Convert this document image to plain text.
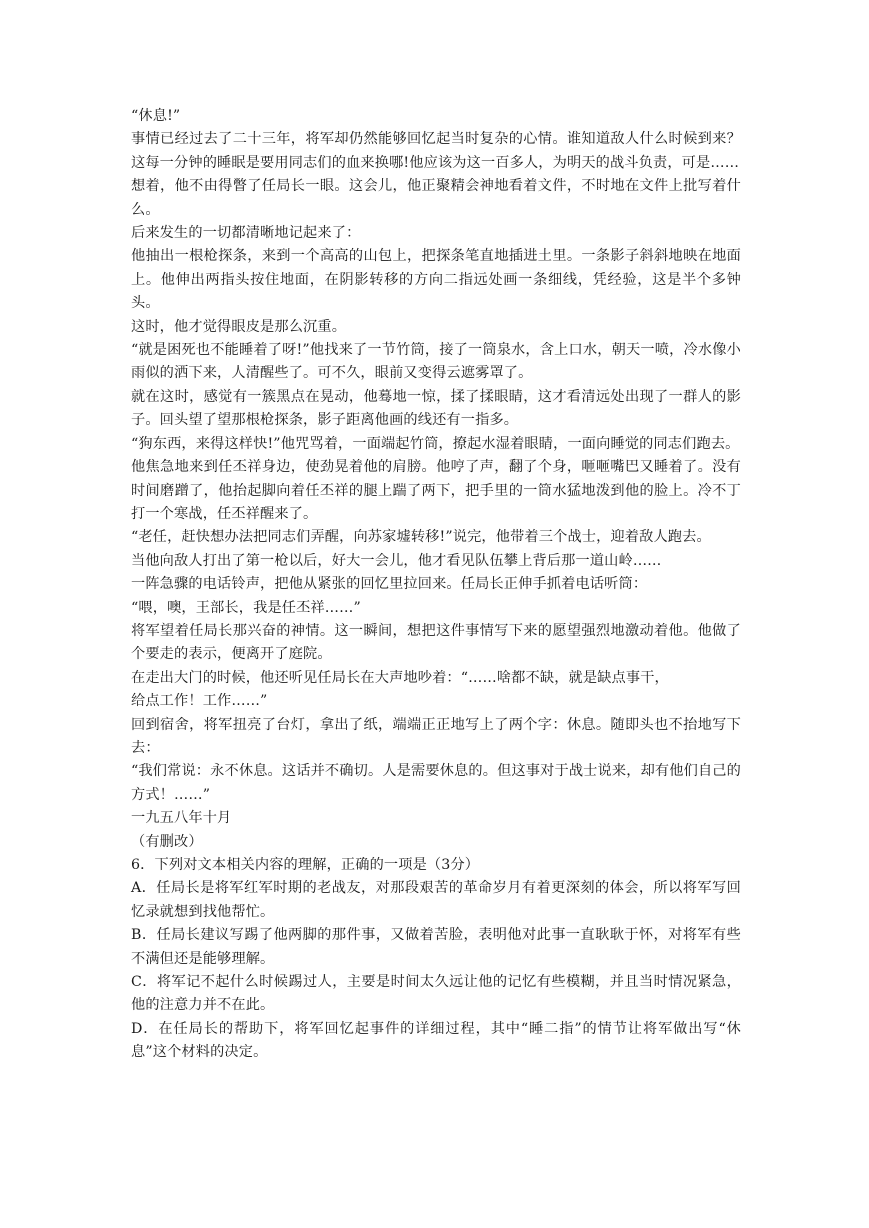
“休息!”

事情已经过去了二十三年，将军却仍然能够回忆起当时复杂的心情。谁知道敌人什么时候到来？这每一分钟的睡眠是要用同志们的血来换哪!他应该为这一百多人，为明天的战斗负责，可是……

想着，他不由得瞥了任局长一眼。这会儿，他正聚精会神地看着文件，不时地在文件上批写着什么。

后来发生的一切都清晰地记起来了：

他抽出一根枪探条，来到一个高高的山包上，把探条笔直地插进土里。一条影子斜斜地映在地面上。他伸出两指头按住地面，在阴影转移的方向二指远处画一条细线，凭经验，这是半个多钟头。

这时，他才觉得眼皮是那么沉重。

“就是困死也不能睡着了呀!”他找来了一节竹筒，接了一筒泉水，含上口水，朝天一喷，冷水像小雨似的洒下来，人清醒些了。可不久，眼前又变得云遮雾罩了。

就在这时，感觉有一簇黑点在晃动，他蓦地一惊，揉了揉眼睛，这才看清远处出现了一群人的影子。回头望了望那根枪探条，影子距离他画的线还有一指多。

“狗东西，来得这样快!”他咒骂着，一面端起竹筒，撩起水湿着眼睛，一面向睡觉的同志们跑去。

他焦急地来到任丕祥身边，使劲晃着他的肩膀。他哼了声，翻了个身，咂咂嘴巴又睡着了。没有时间磨蹭了，他抬起脚向着任丕祥的腿上踹了两下，把手里的一筒水猛地泼到他的脸上。冷不丁打一个寒战，任丕祥醒来了。

“老任，赶快想办法把同志们弄醒，向苏家墟转移!”说完，他带着三个战士，迎着敌人跑去。

当他向敌人打出了第一枪以后，好大一会儿，他才看见队伍攀上背后那一道山岭……

一阵急骤的电话铃声，把他从紧张的回忆里拉回来。任局长正伸手抓着电话听筒：

“喂，噢，王部长，我是任丕祥……”

将军望着任局长那兴奋的神情。这一瞬间，想把这件事情写下来的愿望强烈地激动着他。他做了个要走的表示，便离开了庭院。

在走出大门的时候，他还听见任局长在大声地吵着：“……啥都不缺，就是缺点事干，

给点工作！工作……”

回到宿舍，将军扭亮了台灯，拿出了纸，端端正正地写上了两个字：休息。随即头也不抬地写下去：

“我们常说：永不休息。这话并不确切。人是需要休息的。但这事对于战士说来，却有他们自己的方式！……”

一九五八年十月

（有删改）

6．下列对文本相关内容的理解，正确的一项是（3分）

A．任局长是将军红军时期的老战友，对那段艰苦的革命岁月有着更深刻的体会，所以将军写回忆录就想到找他帮忙。

B．任局长建议写踢了他两脚的那件事，又做着苦脸，表明他对此事一直耿耿于怀，对将军有些不满但还是能够理解。

C．将军记不起什么时候踢过人，主要是时间太久远让他的记忆有些模糊，并且当时情况紧急，他的注意力并不在此。

D．在任局长的帮助下，将军回忆起事件的详细过程，其中“睡二指”的情节让将军做出写“休息”这个材料的决定。
